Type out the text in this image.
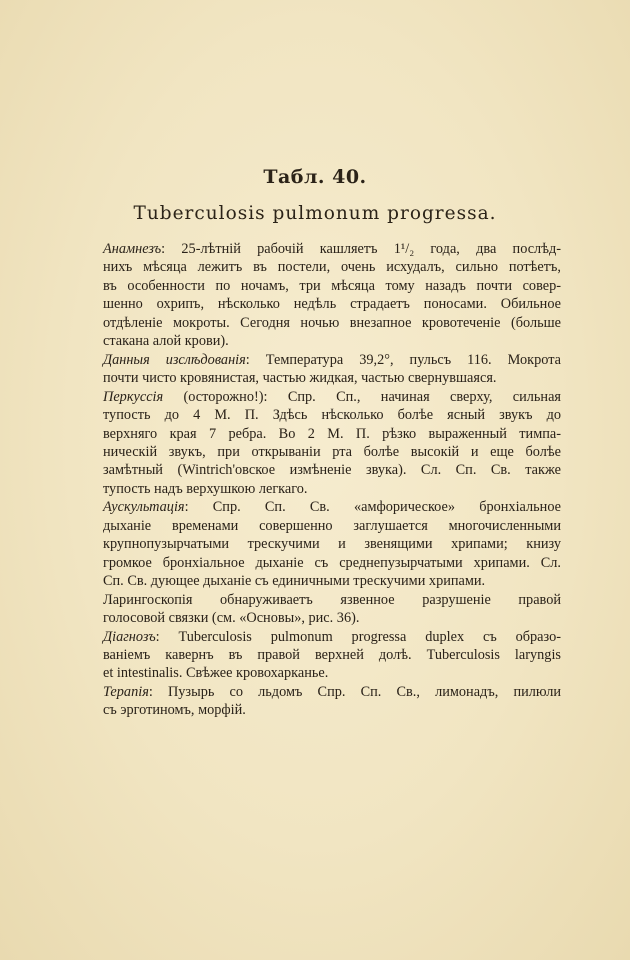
Табл. 40.
Tuberculosis pulmonum progressa.
Анамнезъ: 25-лѣтній рабочій кашляетъ 1¹/₂ года, два послѣд-
нихъ мѣсяца лежитъ въ постели, очень исхудалъ, сильно потѣетъ,
въ особенности по ночамъ, три мѣсяца тому назадъ почти совер-
шенно охрипъ, нѣсколько недѣль страдаетъ поносами. Обильное
отдѣленіе мокроты. Сегодня ночью внезапное кровотеченіе (больше
стакана алой крови).
Данныя изслѣдованія: Температура 39,2°, пульсъ 116. Мокрота
почти чисто кровянистая, частью жидкая, частью свернувшаяся.
Перкуссія (осторожно!): Спр. Сп., начиная сверху, сильная
тупость до 4 М. П. Здѣсь нѣсколько болѣе ясный звукъ до
верхняго края 7 ребра. Во 2 М. П. рѣзко выраженный тимпа-
ническій звукъ, при открываніи рта болѣе высокій и еще болѣе
замѣтный (Wintrich'овское измѣненіе звука). Сл. Сп. Св. также
тупость надъ верхушкою легкаго.
Аускультація: Спр. Сп. Св. «амфорическое» бронхіальное
дыханіе временами совершенно заглушается многочисленными
крупнопузырчатыми трескучими и звенящими хрипами; книзу
громкое бронхіальное дыханіе съ среднепузырчатыми хрипами. Сл.
Сп. Св. дующее дыханіе съ единичными трескучими хрипами.
Ларингоскопія обнаруживаетъ язвенное разрушеніе правой
голосовой связки (см. «Основы», рис. 36).
Діагнозъ: Tuberculosis pulmonum progressa duplex съ образо-
ваніемъ кавернъ въ правой верхней долѣ. Tuberculosis laryngis
et intestinalis. Свѣжее кровохарканье.
Терапія: Пузырь со льдомъ Спр. Сп. Св., лимонадъ, пилюли
съ эрготиномъ, морфій.
